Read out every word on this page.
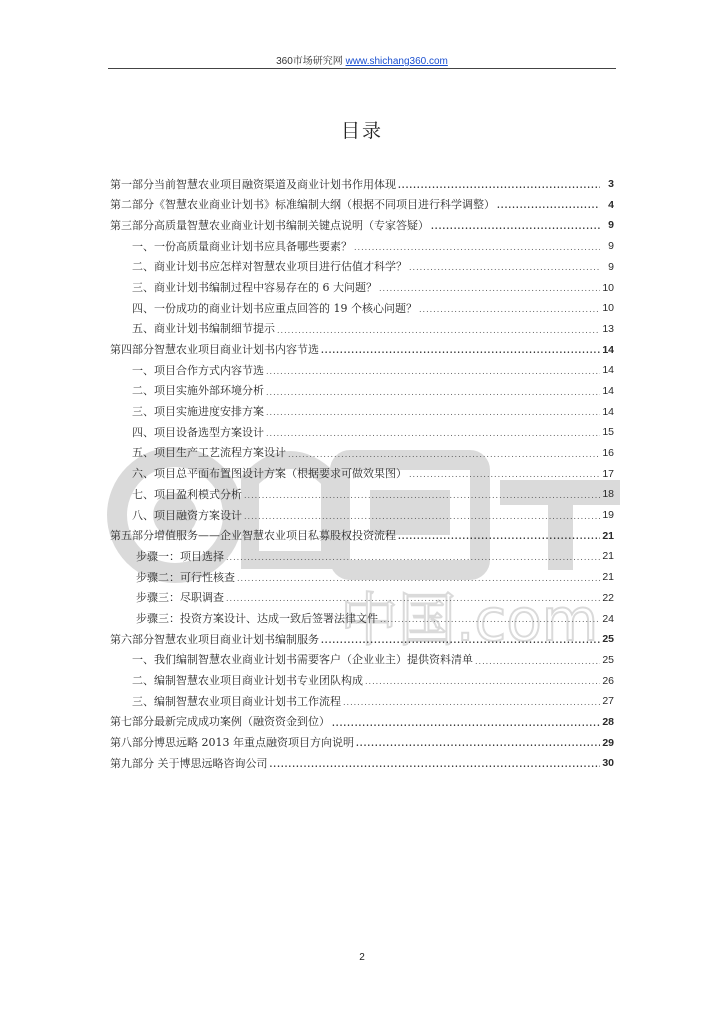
360市场研究网 www.shichang360.com
中国.com
目录
第一部分当前智慧农业项目融资渠道及商业计划书作用体现 .....	3
第二部分《智慧农业商业计划书》标准编制大纲（根据不同项目进行科学调整） .....	4
第三部分高质量智慧农业商业计划书编制关键点说明（专家答疑） .....	9
一、一份高质量商业计划书应具备哪些要素？ .....	9
二、商业计划书应怎样对智慧农业项目进行估值才科学？ .....	9
三、商业计划书编制过程中容易存在的 6 大问题？ .....	10
四、一份成功的商业计划书应重点回答的 19 个核心问题？ .....	10
五、商业计划书编制细节提示 .....	13
第四部分智慧农业项目商业计划书内容节选 .....	14
一、项目合作方式内容节选 .....	14
二、项目实施外部环境分析 .....	14
三、项目实施进度安排方案 .....	14
四、项目设备选型方案设计 .....	15
五、项目生产工艺流程方案设计 .....	16
六、项目总平面布置图设计方案（根据要求可做效果图） .....	17
七、项目盈利模式分析 .....	18
八、项目融资方案设计 .....	19
第五部分增值服务——企业智慧农业项目私募股权投资流程 .....	21
步骤一：项目选择 .....	21
步骤二：可行性核查 .....	21
步骤三：尽职调查 .....	22
步骤三：投资方案设计、达成一致后签署法律文件 .....	24
第六部分智慧农业项目商业计划书编制服务 .....	25
一、我们编制智慧农业商业计划书需要客户（企业业主）提供资料清单 .....	25
二、编制智慧农业项目商业计划书专业团队构成 .....	26
三、编制智慧农业项目商业计划书工作流程 .....	27
第七部分最新完成成功案例（融资资金到位） .....	28
第八部分博思远略 2013 年重点融资项目方向说明 .....	29
第九部分 关于博思远略咨询公司 .....	30
2
